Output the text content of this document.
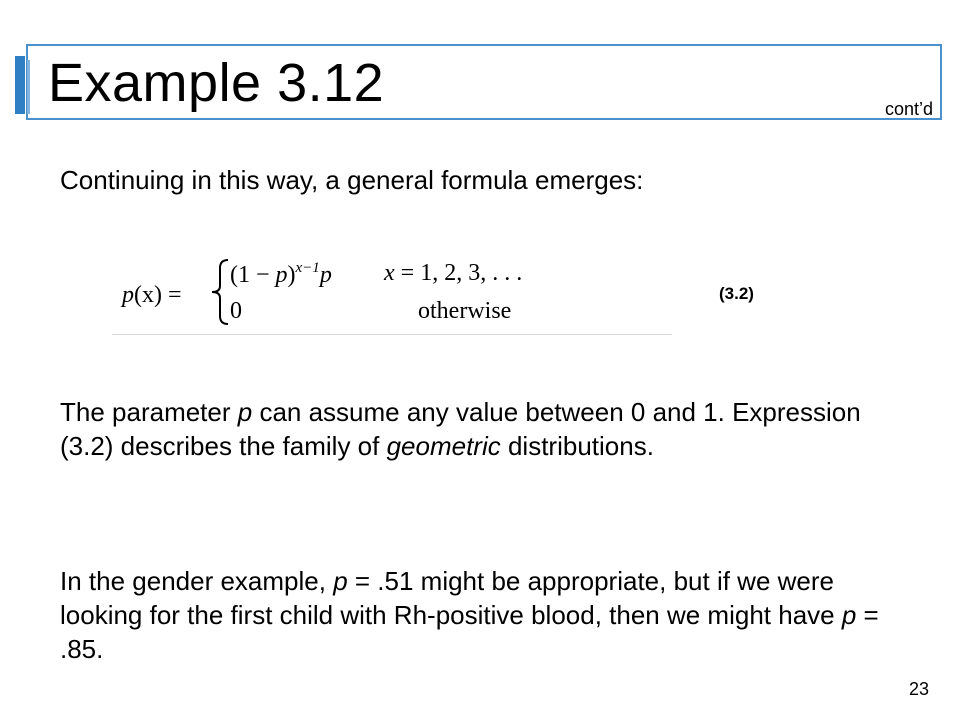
Example 3.12	cont’d

Continuing in this way, a general formula emerges:

p(x) =
$(1 - p)^{x-1}p$ x = 1, 2, 3, . . .
0	otherwise
(3.2)

The parameter p can assume any value between 0 and 1. Expression (3.2) describes the family of geometric distributions.

In the gender example, p = .51 might be appropriate, but if we were looking for the first child with Rh-positive blood, then we might have p = .85.

23
